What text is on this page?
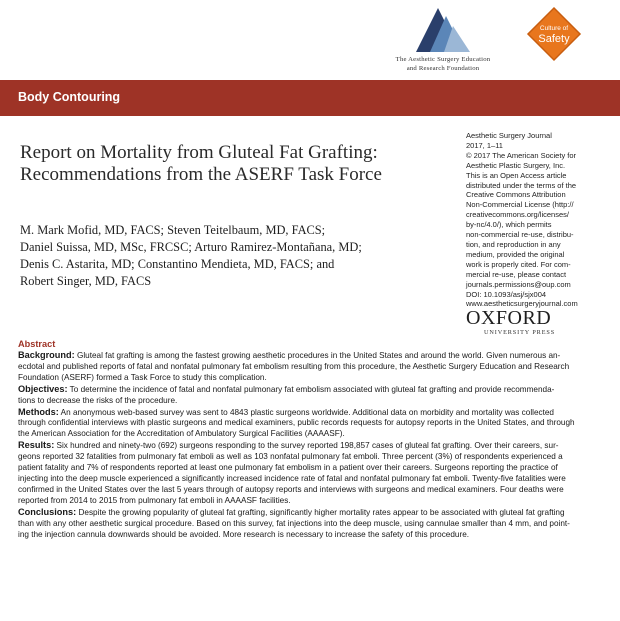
The Aesthetic Surgery Education
and Research Foundation
Culture of
Safety
Body Contouring
Report on Mortality from Gluteal Fat Grafting:
Recommendations from the ASERF Task Force
M. Mark Mofid, MD, FACS; Steven Teitelbaum, MD, FACS;
Daniel Suissa, MD, MSc, FRCSC; Arturo Ramirez-Montañana, MD;
Denis C. Astarita, MD; Constantino Mendieta, MD, FACS; and
Robert Singer, MD, FACS
Aesthetic Surgery Journal
2017, 1–11
© 2017 The American Society for
Aesthetic Plastic Surgery, Inc.
This is an Open Access article
distributed under the terms of the
Creative Commons Attribution
Non-Commercial License (http://
creativecommons.org/licenses/
by-nc/4.0/), which permits
non-commercial re-use, distribu-
tion, and reproduction in any
medium, provided the original
work is properly cited. For com-
mercial re-use, please contact
journals.permissions@oup.com
DOI: 10.1093/asj/sjx004
www.aestheticsurgeryjournal.com
OXFORD
UNIVERSITY PRESS
Abstract
Background: Gluteal fat grafting is among the fastest growing aesthetic procedures in the United States and around the world. Given numerous an-
ecdotal and published reports of fatal and nonfatal pulmonary fat embolism resulting from this procedure, the Aesthetic Surgery Education and Research
Foundation (ASERF) formed a Task Force to study this complication.
Objectives: To determine the incidence of fatal and nonfatal pulmonary fat embolism associated with gluteal fat grafting and provide recommenda-
tions to decrease the risks of the procedure.
Methods: An anonymous web-based survey was sent to 4843 plastic surgeons worldwide. Additional data on morbidity and mortality was collected
through confidential interviews with plastic surgeons and medical examiners, public records requests for autopsy reports in the United States, and through
the American Association for the Accreditation of Ambulatory Surgical Facilities (AAAASF).
Results: Six hundred and ninety-two (692) surgeons responding to the survey reported 198,857 cases of gluteal fat grafting. Over their careers, sur-
geons reported 32 fatalities from pulmonary fat emboli as well as 103 nonfatal pulmonary fat emboli. Three percent (3%) of respondents experienced a
patient fatality and 7% of respondents reported at least one pulmonary fat embolism in a patient over their careers. Surgeons reporting the practice of
injecting into the deep muscle experienced a significantly increased incidence rate of fatal and nonfatal pulmonary fat emboli. Twenty-five fatalities were
confirmed in the United States over the last 5 years through of autopsy reports and interviews with surgeons and medical examiners. Four deaths were
reported from 2014 to 2015 from pulmonary fat emboli in AAAASF facilities.
Conclusions: Despite the growing popularity of gluteal fat grafting, significantly higher mortality rates appear to be associated with gluteal fat grafting
than with any other aesthetic surgical procedure. Based on this survey, fat injections into the deep muscle, using cannulae smaller than 4 mm, and point-
ing the injection cannula downwards should be avoided. More research is necessary to increase the safety of this procedure.
